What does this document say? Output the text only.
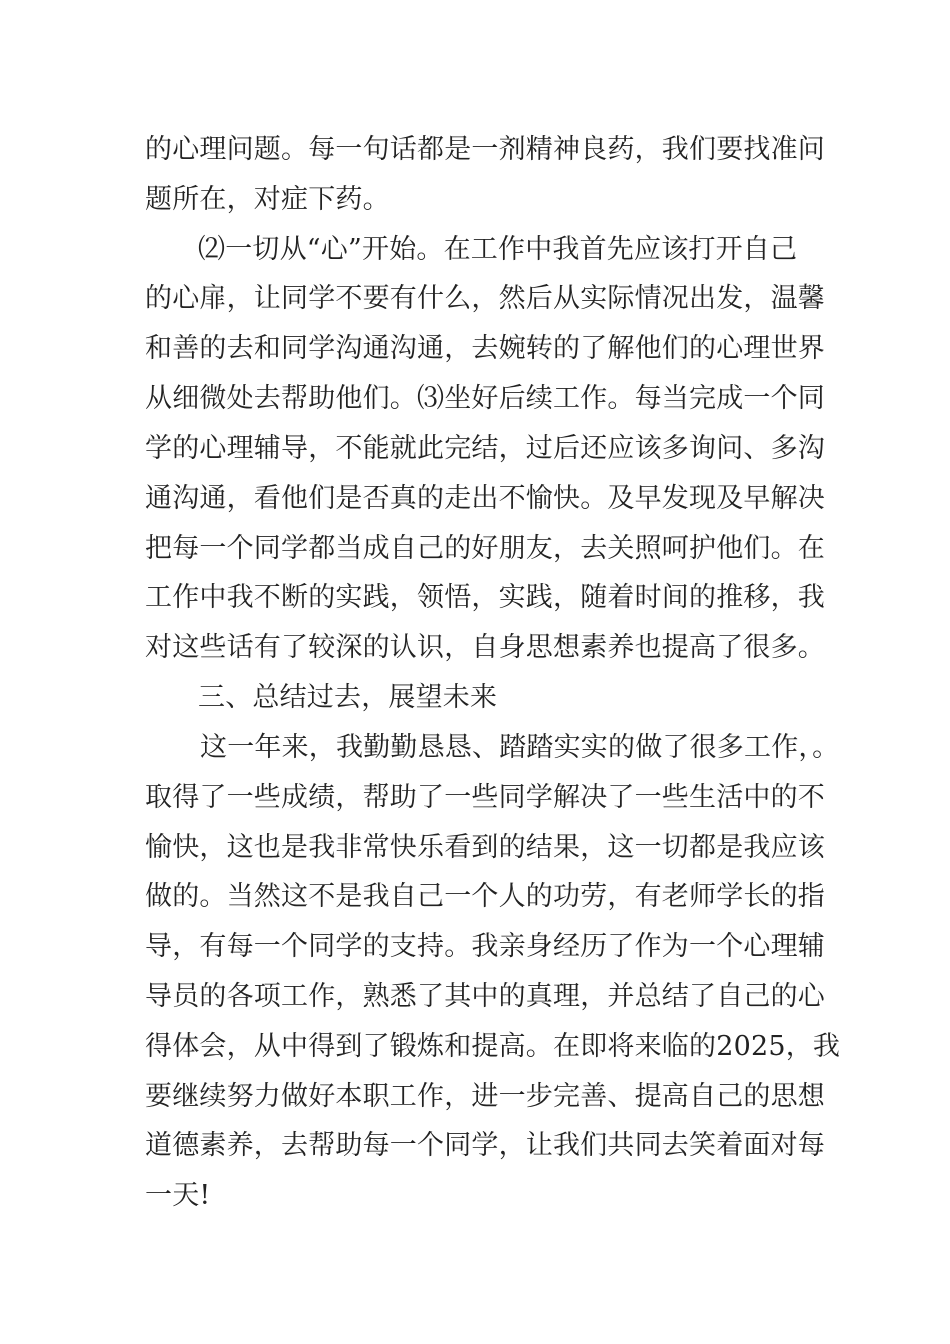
的心理问题。每一句话都是一剂精神良药，我们要找准问
题所在，对症下药。
⑵一切从“心”开始。在工作中我首先应该打开自己
的心扉，让同学不要有什么，然后从实际情况出发，温馨
和善的去和同学沟通沟通，去婉转的了解他们的心理世界
从细微处去帮助他们。⑶坐好后续工作。每当完成一个同
学的心理辅导，不能就此完结，过后还应该多询问、多沟
通沟通，看他们是否真的走出不愉快。及早发现及早解决
把每一个同学都当成自己的好朋友，去关照呵护他们。在
工作中我不断的实践，领悟，实践，随着时间的推移，我
对这些话有了较深的认识，自身思想素养也提高了很多。
三、总结过去，展望未来
这一年来，我勤勤恳恳、踏踏实实的做了很多工作，。
取得了一些成绩，帮助了一些同学解决了一些生活中的不
愉快，这也是我非常快乐看到的结果，这一切都是我应该
做的。当然这不是我自己一个人的功劳，有老师学长的指
导，有每一个同学的支持。我亲身经历了作为一个心理辅
导员的各项工作，熟悉了其中的真理，并总结了自己的心
得体会，从中得到了锻炼和提高。在即将来临的2025，我
要继续努力做好本职工作，进一步完善、提高自己的思想
道德素养，去帮助每一个同学，让我们共同去笑着面对每
一天!
